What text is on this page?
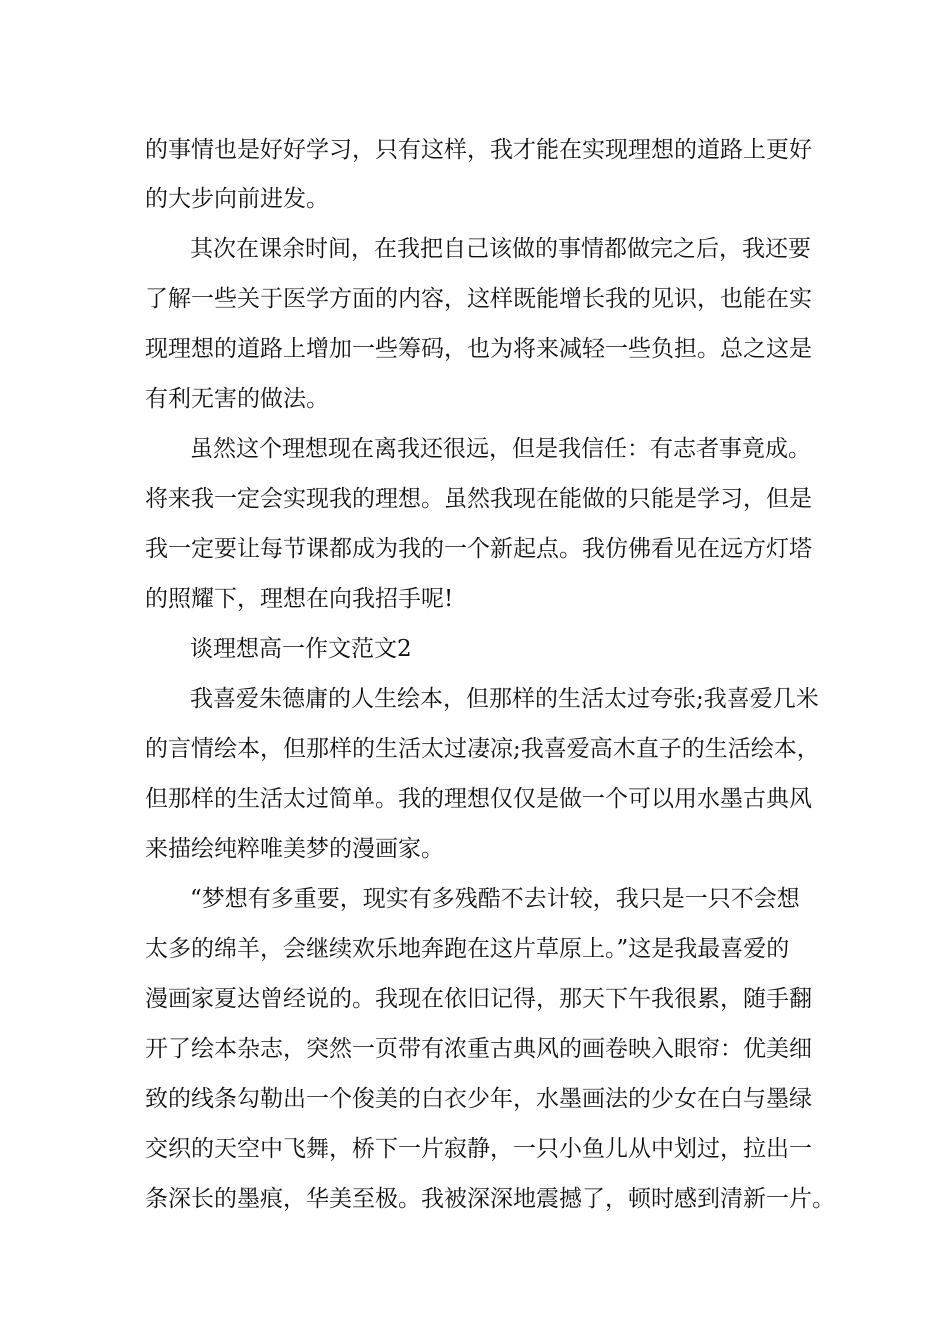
的事情也是好好学习，只有这样，我才能在实现理想的道路上更好
的大步向前进发。
其次在课余时间，在我把自己该做的事情都做完之后，我还要
了解一些关于医学方面的内容，这样既能增长我的见识，也能在实
现理想的道路上增加一些筹码，也为将来减轻一些负担。总之这是
有利无害的做法。
虽然这个理想现在离我还很远，但是我信任：有志者事竟成。
将来我一定会实现我的理想。虽然我现在能做的只能是学习，但是
我一定要让每节课都成为我的一个新起点。我仿佛看见在远方灯塔
的照耀下，理想在向我招手呢!
谈理想高一作文范文2
我喜爱朱德庸的人生绘本，但那样的生活太过夸张;我喜爱几米
的言情绘本，但那样的生活太过凄凉;我喜爱高木直子的生活绘本，
但那样的生活太过简单。我的理想仅仅是做一个可以用水墨古典风
来描绘纯粹唯美梦的漫画家。
“梦想有多重要，现实有多残酷不去计较，我只是一只不会想
太多的绵羊，会继续欢乐地奔跑在这片草原上。”这是我最喜爱的
漫画家夏达曾经说的。我现在依旧记得，那天下午我很累，随手翻
开了绘本杂志，突然一页带有浓重古典风的画卷映入眼帘：优美细
致的线条勾勒出一个俊美的白衣少年，水墨画法的少女在白与墨绿
交织的天空中飞舞，桥下一片寂静，一只小鱼儿从中划过，拉出一
条深长的墨痕，华美至极。我被深深地震撼了，顿时感到清新一片。
